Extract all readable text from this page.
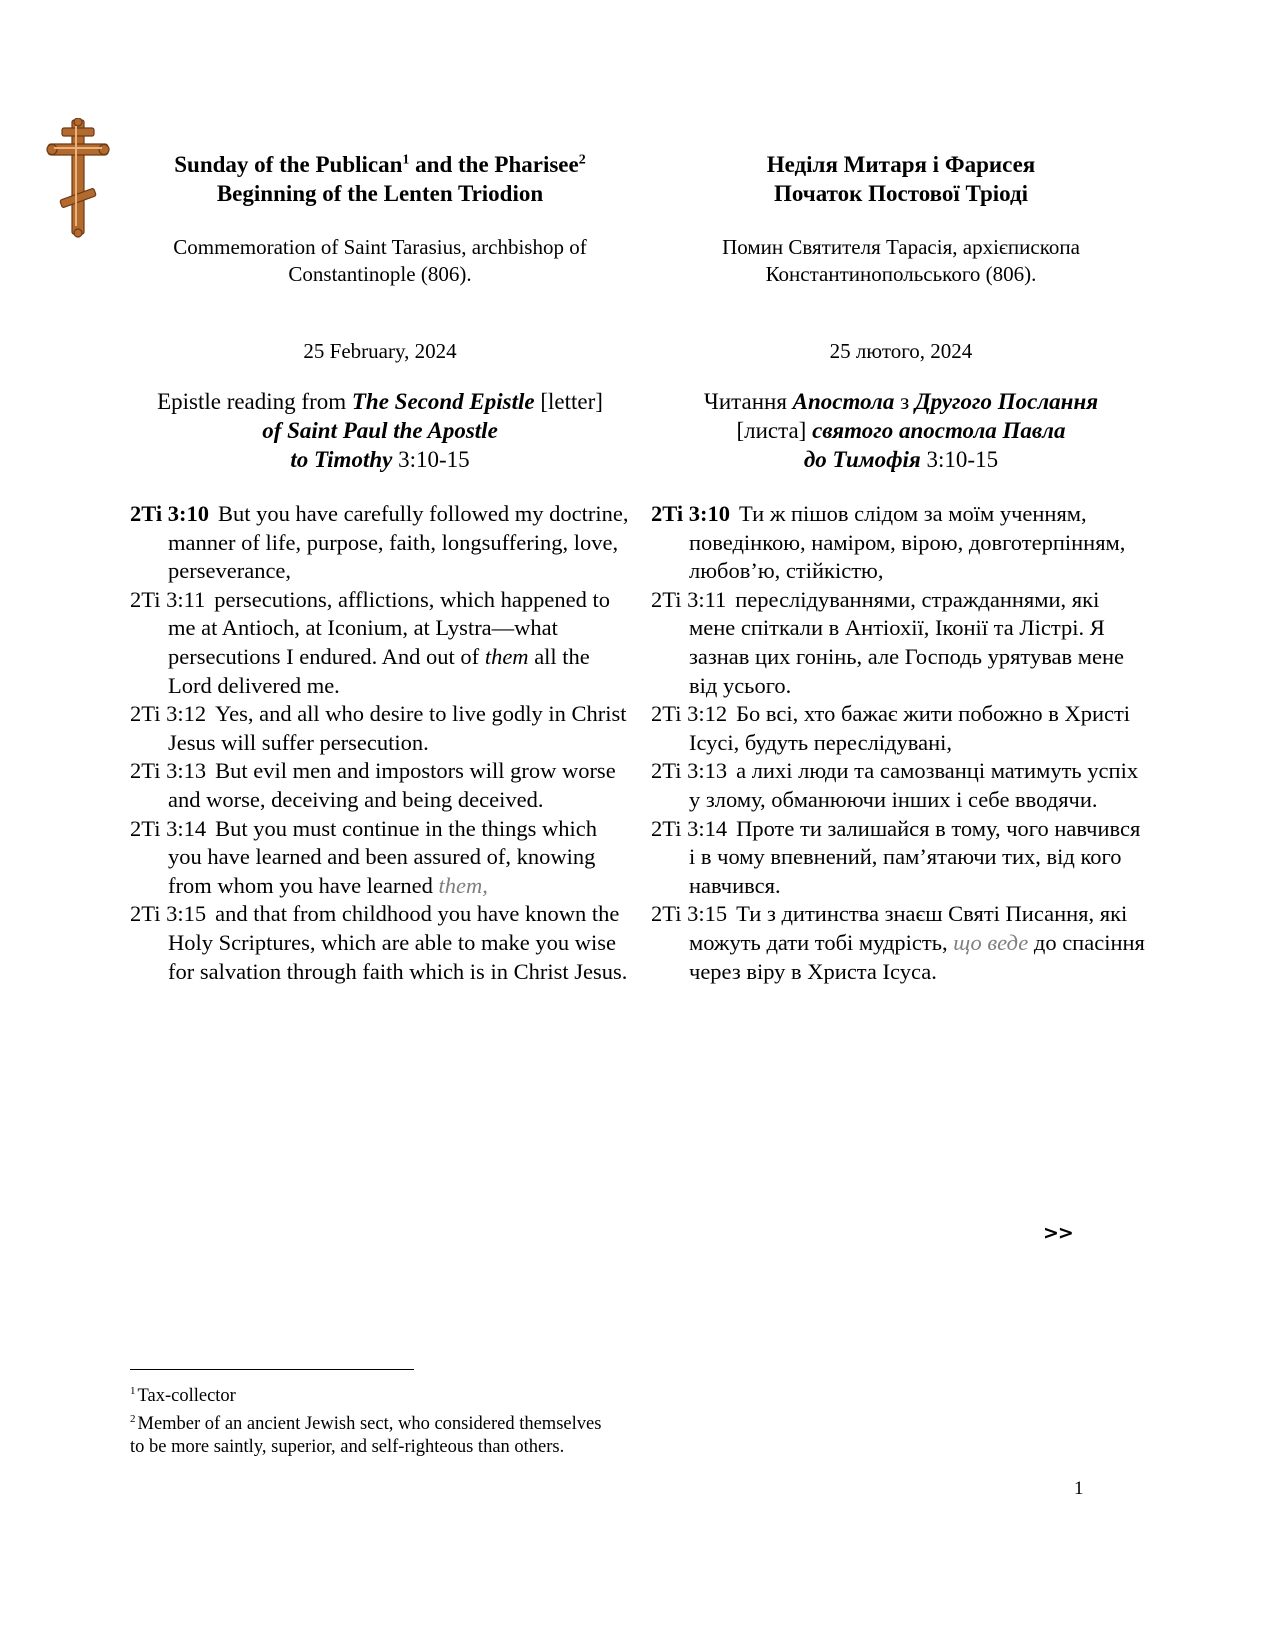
Sunday of the Publican$^1$ and the Pharisee$^2$
Beginning of the Lenten Triodion

Commemoration of Saint Tarasius, archbishop of
Constantinople (806).

25 February, 2024

Epistle reading from The Second Epistle [letter]
of Saint Paul the Apostle
to Timothy 3:10-15

2Ti 3:10 But you have carefully followed my doctrine, manner of life, purpose, faith, longsuffering, love, perseverance,
2Ti 3:11 persecutions, afflictions, which happened to me at Antioch, at Iconium, at Lystra—what persecutions I endured. And out of them all the Lord delivered me.
2Ti 3:12 Yes, and all who desire to live godly in Christ Jesus will suffer persecution.
2Ti 3:13 But evil men and impostors will grow worse and worse, deceiving and being deceived.
2Ti 3:14 But you must continue in the things which you have learned and been assured of, knowing from whom you have learned them,
2Ti 3:15 and that from childhood you have known the Holy Scriptures, which are able to make you wise for salvation through faith which is in Christ Jesus.
Неділя Митаря і Фарисея
Початок Постової Тріоді

Помин Святителя Тарасія, архієпископа
Константинопольського (806).

25 лютого, 2024

Читання Апостола з Другого Послання
[листа] святого апостола Павла
до Тимофія 3:10-15

2Ti 3:10 Ти ж пішов слідом за моїм ученням, поведінкою, наміром, вірою, довготерпінням, любов’ю, стійкістю,
2Ti 3:11 переслідуваннями, стражданнями, які мене спіткали в Антіохії, Іконії та Лістрі. Я зазнав цих гонінь, але Господь урятував мене від усього.
2Ti 3:12 Бо всі, хто бажає жити побожно в Христі Ісусі, будуть переслідувані,
2Ti 3:13 а лихі люди та самозванці матимуть успіх у злому, обманюючи інших і себе вводячи.
2Ti 3:14 Проте ти залишайся в тому, чого навчився і в чому впевнений, пам’ятаючи тих, від кого навчився.
2Ti 3:15 Ти з дитинства знаєш Святі Писання, які можуть дати тобі мудрість, що веде до спасіння через віру в Христа Ісуса.
>>

$^1$ Tax-collector

$^2$ Member of an ancient Jewish sect, who considered themselves to be more saintly, superior, and self-righteous than others.

1
